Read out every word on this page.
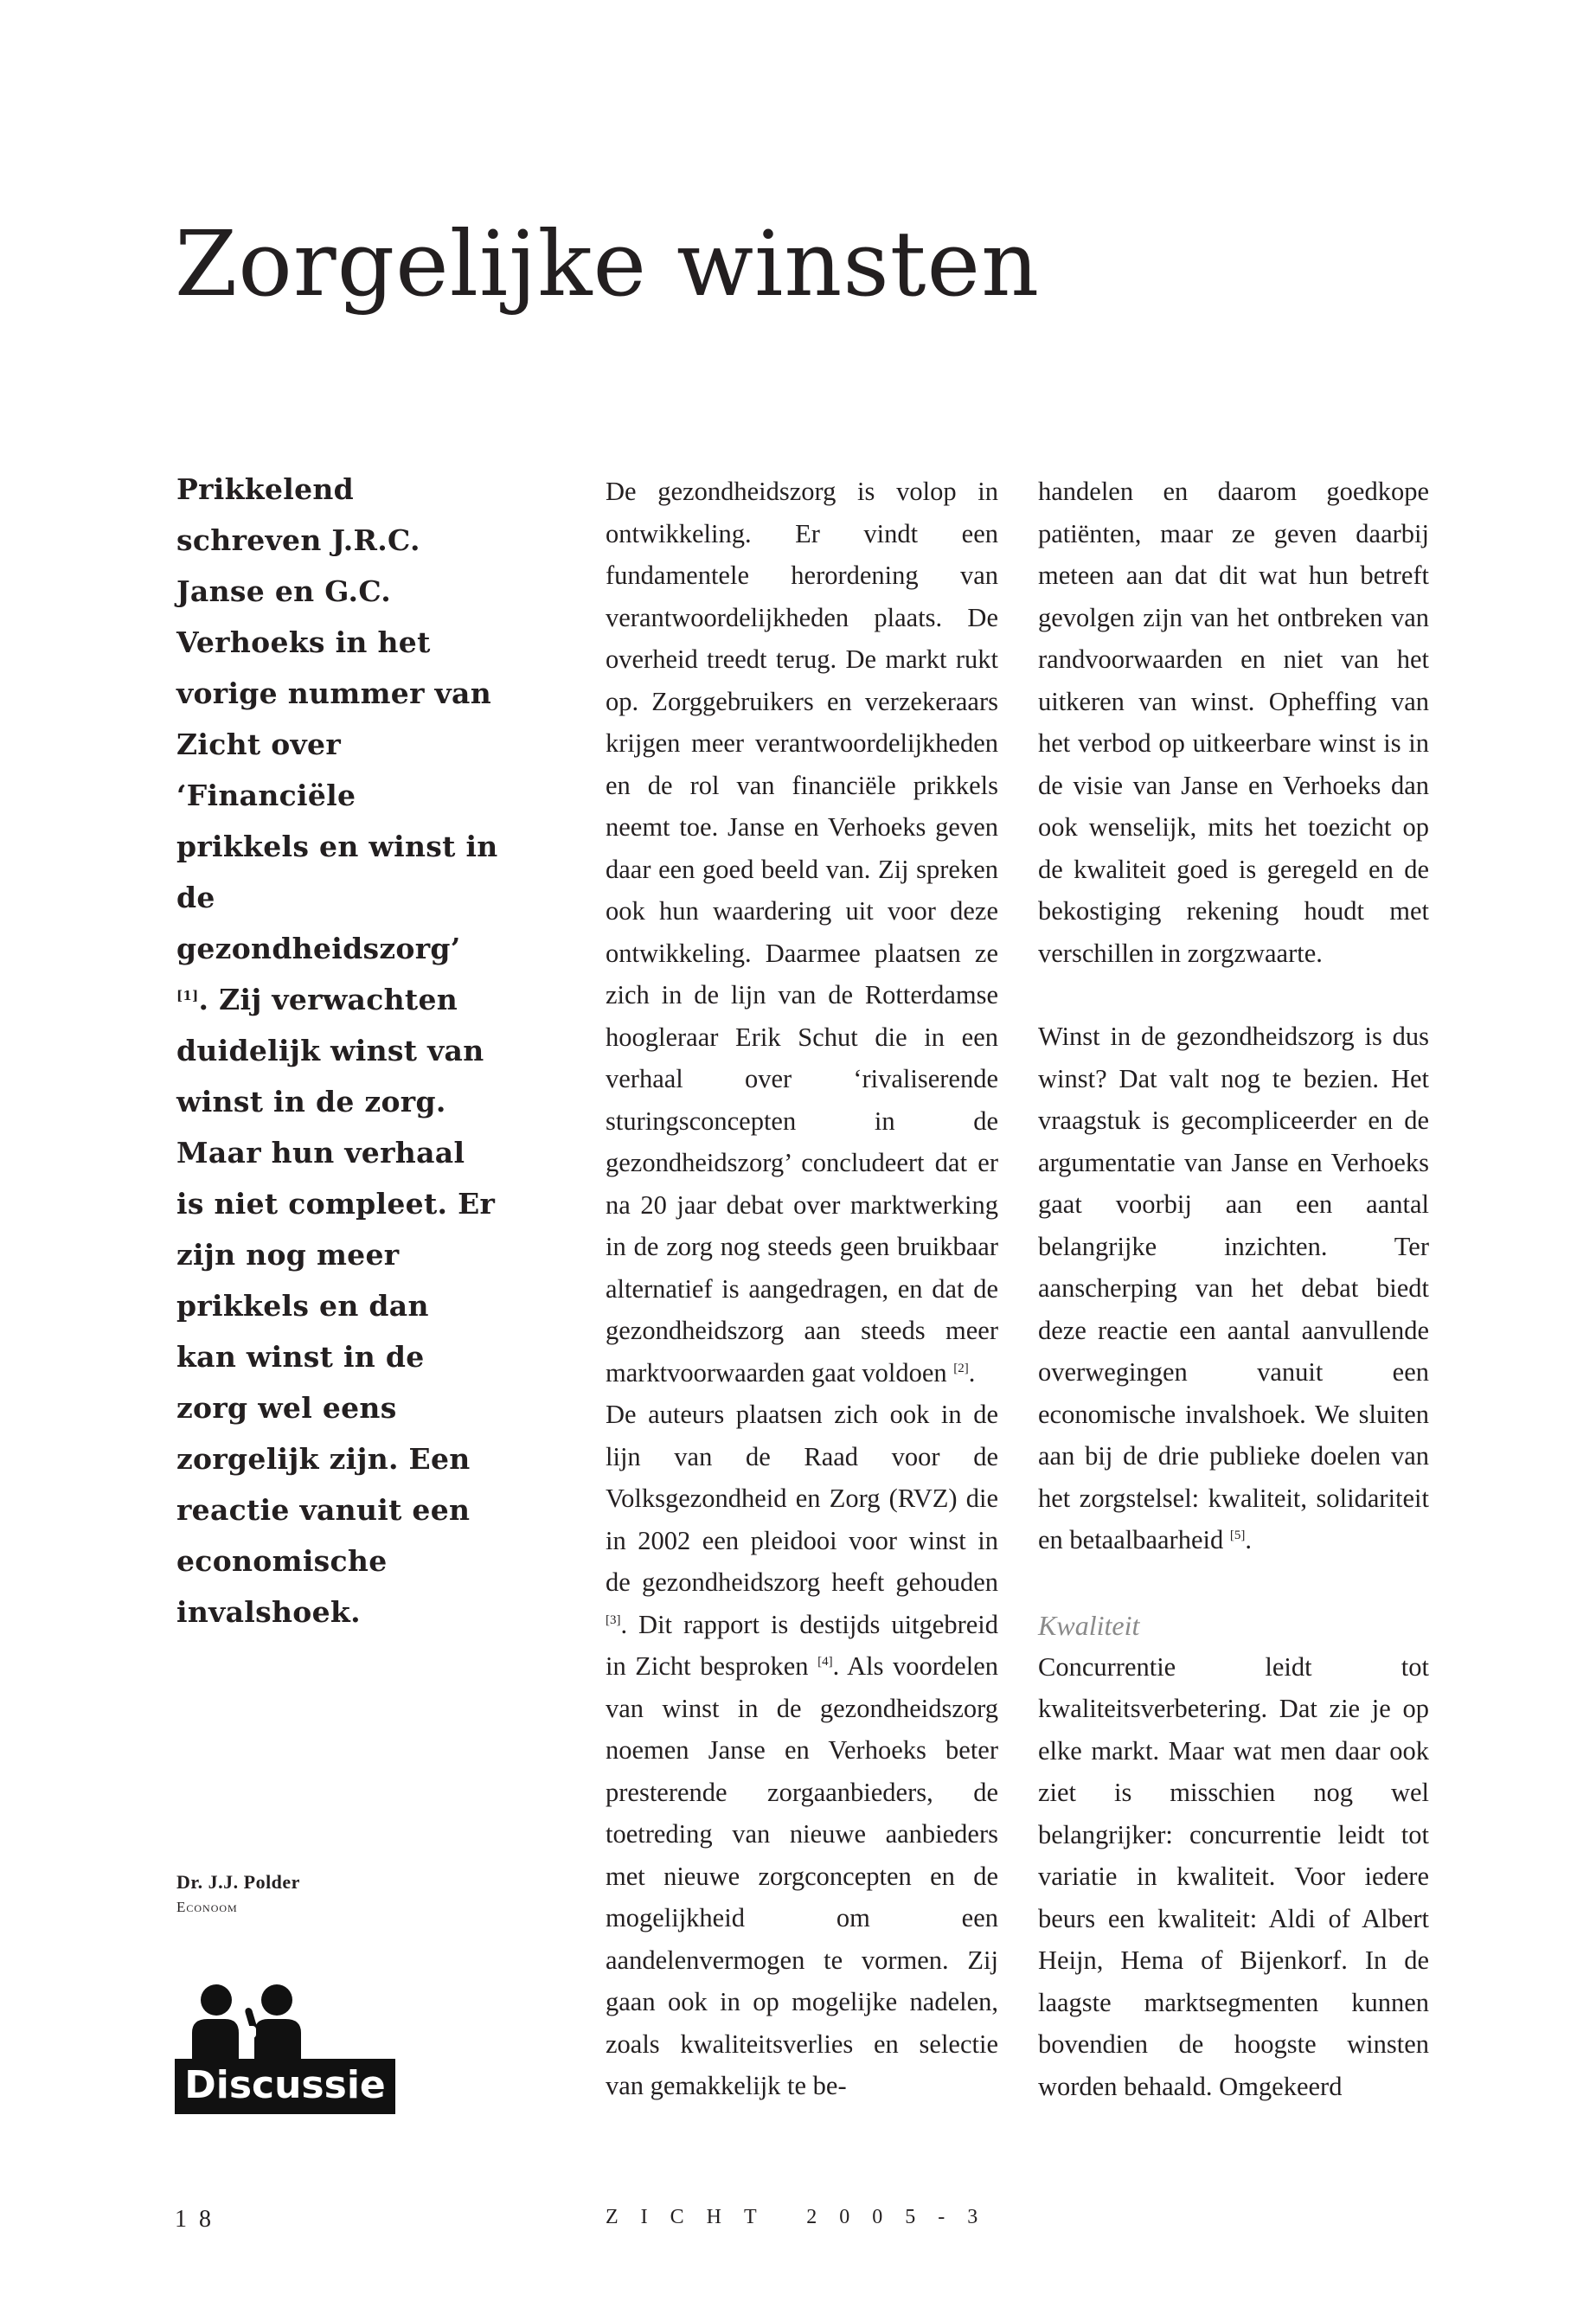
Zorgelijke winsten

Prikkelend schreven J.R.C. Janse en G.C. Verhoeks in het vorige nummer van Zicht over ‘Financiële prikkels en winst in de gezondheidszorg’ [1]. Zij verwachten duidelijk winst van winst in de zorg. Maar hun verhaal is niet compleet. Er zijn nog meer prikkels en dan kan winst in de zorg wel eens zorgelijk zijn. Een reactie vanuit een economische invalshoek.

De gezondheidszorg is volop in ontwikkeling. Er vindt een fundamentele herordening van verantwoordelijkheden plaats. De overheid treedt terug. De markt rukt op. Zorggebruikers en verzekeraars krijgen meer verantwoordelijkheden en de rol van financiële prikkels neemt toe. Janse en Verhoeks geven daar een goed beeld van. Zij spreken ook hun waardering uit voor deze ontwikkeling. Daarmee plaatsen ze zich in de lijn van de Rotterdamse hoogleraar Erik Schut die in een verhaal over ‘rivaliserende sturingsconcepten in de gezondheidszorg’ concludeert dat er na 20 jaar debat over marktwerking in de zorg nog steeds geen bruikbaar alternatief is aangedragen, en dat de gezondheidszorg aan steeds meer marktvoorwaarden gaat voldoen [2].

De auteurs plaatsen zich ook in de lijn van de Raad voor de Volksgezondheid en Zorg (RVZ) die in 2002 een pleidooi voor winst in de gezondheidszorg heeft gehouden [3]. Dit rapport is destijds uitgebreid in Zicht besproken [4]. Als voordelen van winst in de gezondheidszorg noemen Janse en Verhoeks beter presterende zorgaanbieders, de toetreding van nieuwe aanbieders met nieuwe zorgconcepten en de mogelijkheid om een aandelenvermogen te vormen. Zij gaan ook in op mogelijke nadelen, zoals kwaliteitsverlies en selectie van gemakkelijk te be-

handelen en daarom goedkope patiënten, maar ze geven daarbij meteen aan dat dit wat hun betreft gevolgen zijn van het ontbreken van randvoorwaarden en niet van het uitkeren van winst. Opheffing van het verbod op uitkeerbare winst is in de visie van Janse en Verhoeks dan ook wenselijk, mits het toezicht op de kwaliteit goed is geregeld en de bekostiging rekening houdt met verschillen in zorgzwaarte.

Winst in de gezondheidszorg is dus winst? Dat valt nog te bezien. Het vraagstuk is gecompliceerder en de argumentatie van Janse en Verhoeks gaat voorbij aan een aantal belangrijke inzichten. Ter aanscherping van het debat biedt deze reactie een aantal aanvullende overwegingen vanuit een economische invalshoek. We sluiten aan bij de drie publieke doelen van het zorgstelsel: kwaliteit, solidariteit en betaalbaarheid [5].

Kwaliteit

Concurrentie leidt tot kwaliteitsverbetering. Dat zie je op elke markt. Maar wat men daar ook ziet is misschien nog wel belangrijker: concurrentie leidt tot variatie in kwaliteit. Voor iedere beurs een kwaliteit: Aldi of Albert Heijn, Hema of Bijenkorf. In de laagste marktsegmenten kunnen bovendien de hoogste winsten worden behaald. Omgekeerd

Dr. J.J. Polder
Econoom
Discussie
18	ZICHT 2005-3
